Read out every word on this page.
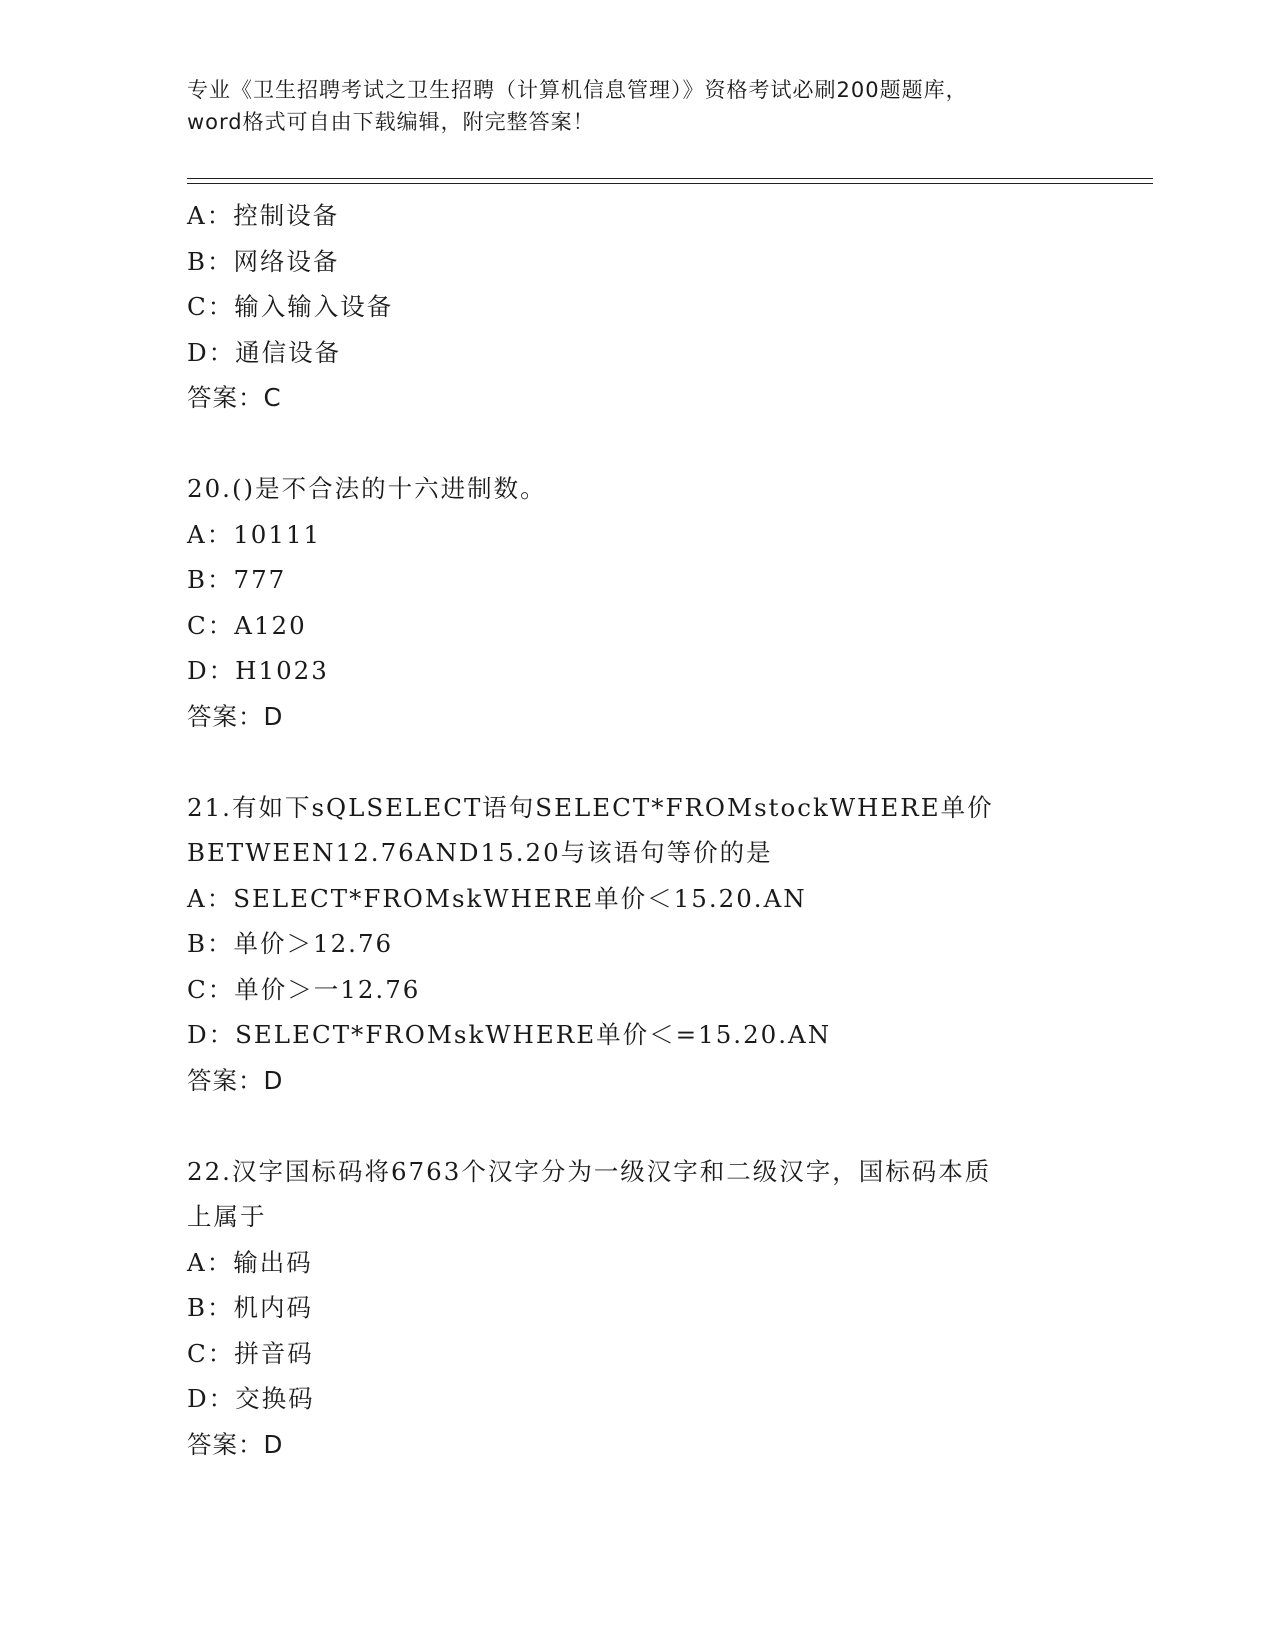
专业《卫生招聘考试之卫生招聘（计算机信息管理）》资格考试必刷200题题库，
word格式可自由下载编辑，附完整答案！
A：控制设备
B：网络设备
C：输入输入设备
D：通信设备
答案：C
20.()是不合法的十六进制数。
A：10111
B：777
C：A120
D：H1023
答案：D
21.有如下sQLSELECT语句SELECT*FROMstockWHERE单价
BETWEEN12.76AND15.20与该语句等价的是
A：SELECT*FROMskWHERE单价＜15.20.AN
B：单价＞12.76
C：单价＞一12.76
D：SELECT*FROMskWHERE单价＜=15.20.AN
答案：D
22.汉字国标码将6763个汉字分为一级汉字和二级汉字，国标码本质
上属于
A：输出码
B：机内码
C：拼音码
D：交换码
答案：D
